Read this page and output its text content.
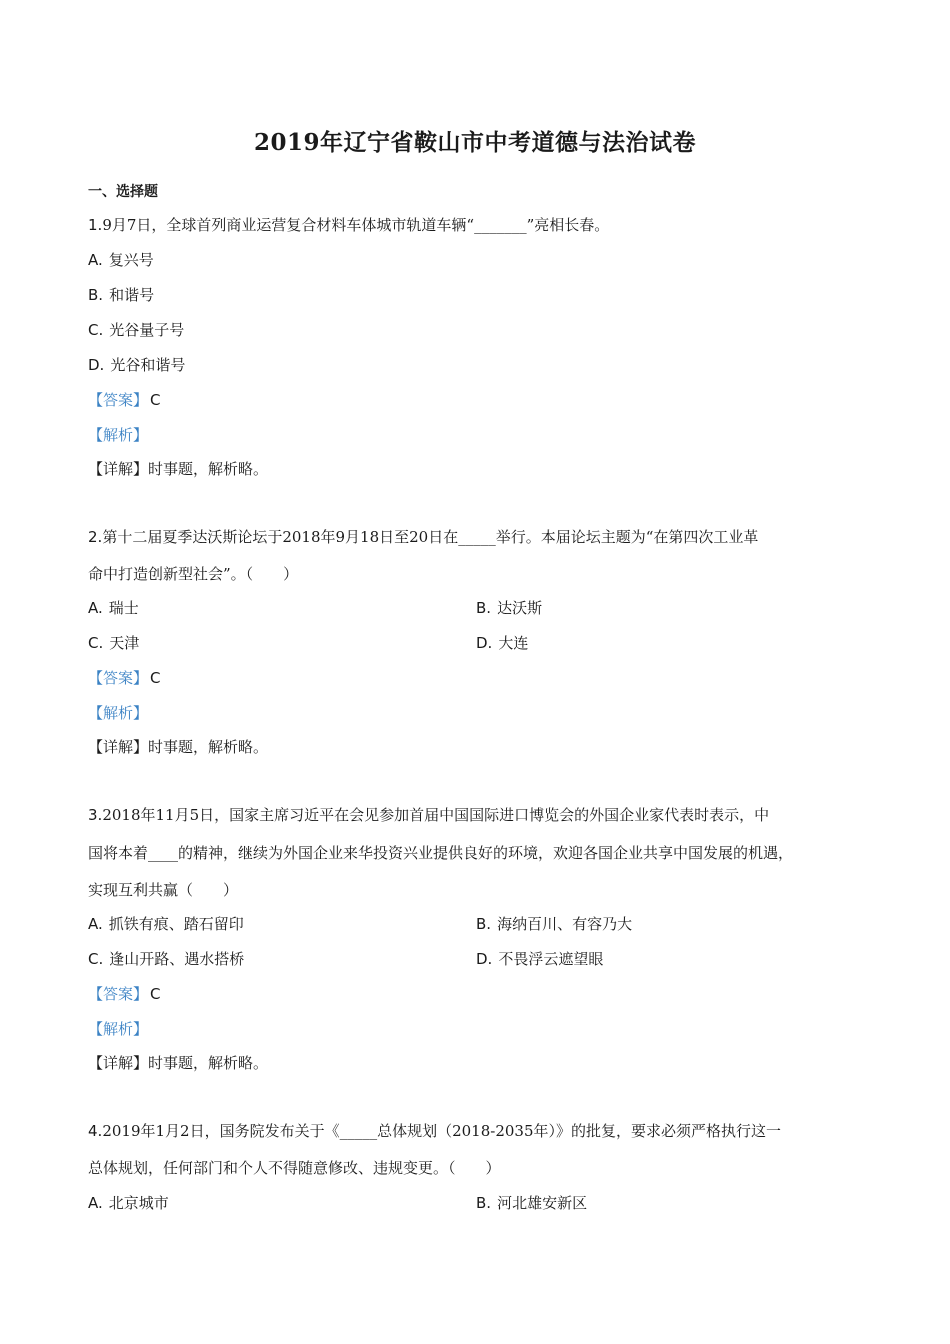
2019年辽宁省鞍山市中考道德与法治试卷
一、选择题
1.9月7日，全球首列商业运营复合材料车体城市轨道车辆“_______”亮相长春。
A. 复兴号
B. 和谐号
C. 光谷量子号
D. 光谷和谐号
【答案】 C
【解析】
【详解】时事题，解析略。
2.第十二届夏季达沃斯论坛于2018年9月18日至20日在_____举行。本届论坛主题为“在第四次工业革
命中打造创新型社会”。（　　）
A. 瑞士	B. 达沃斯
C. 天津	D. 大连
【答案】 C
【解析】
【详解】时事题，解析略。
3.2018年11月5日，国家主席习近平在会见参加首届中国国际进口博览会的外国企业家代表时表示，中
国将本着____的精神，继续为外国企业来华投资兴业提供良好的环境，欢迎各国企业共享中国发展的机遇，
实现互利共赢（　　）
A. 抓铁有痕、踏石留印	B. 海纳百川、有容乃大
C. 逢山开路、遇水搭桥	D. 不畏浮云遮望眼
【答案】 C
【解析】
【详解】时事题，解析略。
4.2019年1月2日，国务院发布关于《_____总体规划（2018-2035年）》的批复，要求必须严格执行这一
总体规划，任何部门和个人不得随意修改、违规变更。（　　）
A. 北京城市	B. 河北雄安新区
